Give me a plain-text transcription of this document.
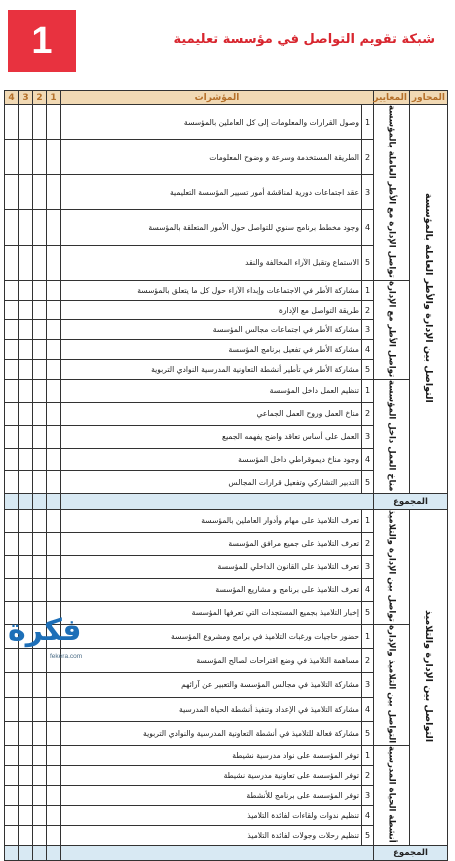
1	شبكة تقويم التواصل في مؤسسة تعليمية
المحاور	المعايير	المؤشرات		1	2	3	4
التواصل بين الإدارة والأطر العاملة بالمؤسسة	تواصل الإدارة مع الأطر العاملة بالمؤسسة	1	وصول القرارات والمعلومات إلى كل العاملين بالمؤسسة				
		2	الطريقة المستخدمة وسرعة و وضوح المعلومات				
		3	عقد اجتماعات دورية لمناقشة أمور تسيير المؤسسة التعليمية				
		4	وجود مخطط برنامج سنوي للتواصل حول الأمور المتعلقة بالمؤسسة				
		5	الاستماع وتقبل الآراء المخالفة والنقد				
	تواصل الأطر مع الإدارة	1	مشاركة الأطر في الاجتماعات وإبداء الآراء حول كل ما يتعلق بالمؤسسة				
		2	طريقة التواصل مع الإدارة				
		3	مشاركة الأطر في اجتماعات مجالس المؤسسة				
		4	مشاركة الأطر في تفعيل برنامج المؤسسة				
		5	مشاركة الأطر في تأطير أنشطة التعاونية المدرسية النوادي التربوية				
	مناخ العمل داخل المؤسسة	1	تنظيم العمل داخل المؤسسة				
		2	مناخ العمل وروح العمل الجماعي				
		3	العمل على أساس تعاقد واضح يفهمه الجميع				
		4	وجود مناخ ديموقراطي داخل المؤسسة				
		5	التدبير التشاركي وتفعيل قرارات المجالس				
المجموع							
التواصل بين الإدارة والتلاميذ	تواصل بين الإدارة والتلاميذ	1	تعرف التلاميذ على مهام وأدوار العاملين بالمؤسسة				
		2	تعرف التلاميذ على جميع مرافق المؤسسة				
		3	تعرف التلاميذ على القانون الداخلي للمؤسسة				
		4	تعرف التلاميذ على برنامج و مشاريع المؤسسة				
		5	إخبار التلاميذ بجميع المستجدات التي تعرفها المؤسسة				
	التواصل بين التلاميذ والإدارة	1	حضور حاجيات ورغبات التلاميذ في برامج ومشروع المؤسسة				
		2	مساهمة التلاميذ في وضع اقتراحات لصالح المؤسسة				
		3	مشاركة التلاميذ في مجالس المؤسسة والتعبير عن آرائهم				
		4	مشاركة التلاميذ في الإعداد وتنفيذ أنشطة الحياة المدرسية				
		5	مشاركة فعالة للتلاميذ في أنشطة التعاونية المدرسية والنوادي التربوية				
	أنشطة الحياة المدرسية	1	توفر المؤسسة على نواد مدرسية نشيطة				
		2	توفر المؤسسة على تعاونية مدرسية نشيطة				
		3	توفر المؤسسة على برنامج للأنشطة				
		4	تنظيم ندوات ولقاءات لفائدة التلاميذ				
		5	تنظيم رحلات وجولات لفائدة التلاميذ				
المجموع							
فكرة
fekera.com
